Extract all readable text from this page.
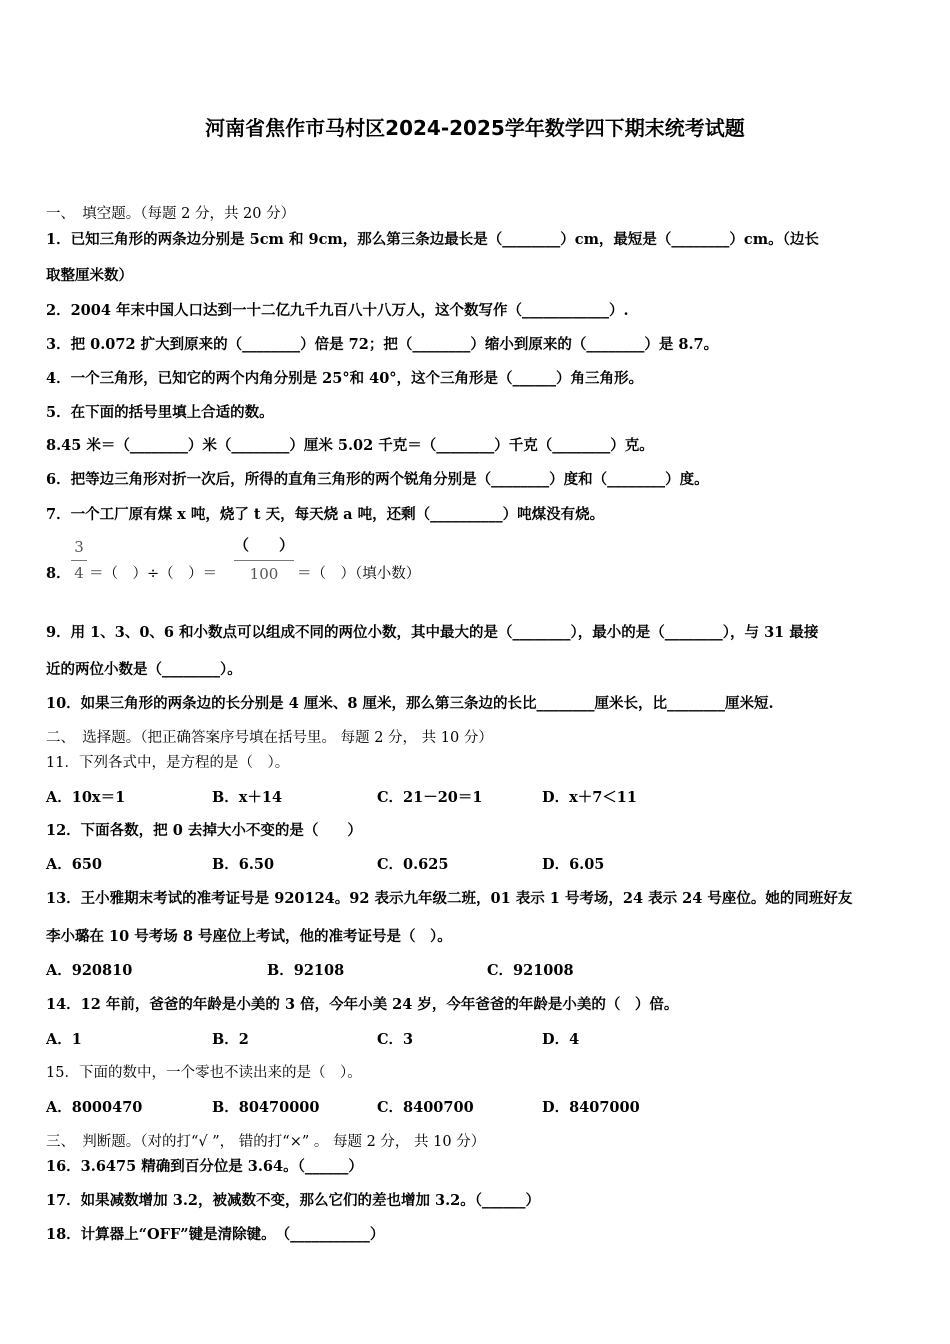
河南省焦作市马村区2024-2025学年数学四下期末统考试题
一、　填空题。（每题 2 分，共 20 分）
1．已知三角形的两条边分别是 5cm 和 9cm，那么第三条边最长是（________）cm，最短是（________）cm。（边长
取整厘米数）
2．2004 年末中国人口达到一十二亿九千九百八十八万人，这个数写作（____________）.
3．把 0.072 扩大到原来的（________）倍是 72；把（________）缩小到原来的（________）是 8.7。
4．一个三角形，已知它的两个内角分别是 25°和 40°，这个三角形是（______）角三角形。
5．在下面的括号里填上合适的数。
8.45 米＝（________）米（________）厘米 5.02 千克＝（________）千克（________）克。
6．把等边三角形对折一次后，所得的直角三角形的两个锐角分别是（________）度和（________）度。
7．一个工厂原有煤 x 吨，烧了 t 天，每天烧 a 吨，还剩（__________）吨煤没有烧。
8．
3
4 ＝（　）÷（　）＝
（　　）
100	＝（　）（填小数）
9．用 1、3、0、6 和小数点可以组成不同的两位小数，其中最大的是（________），最小的是（________），与 31 最接
近的两位小数是（________）。
10．如果三角形的两条边的长分别是 4 厘米、8 厘米，那么第三条边的长比________厘米长，比________厘米短.
二、　选择题。（把正确答案序号填在括号里。 每题 2 分， 共 10 分）
11．下列各式中，是方程的是（　）。
A．10x＝1	B．x＋14	C．21－20＝1	D．x＋7＜11
12．下面各数，把 0 去掉大小不变的是（　　）
A．650	B．6.50	C．0.625	D．6.05
13．王小雅期末考试的准考证号是 920124。92 表示九年级二班，01 表示 1 号考场，24 表示 24 号座位。她的同班好友
李小璐在 10 号考场 8 号座位上考试，他的准考证号是（　）。
A．920810	B．92108	C．921008
14．12 年前，爸爸的年龄是小美的 3 倍，今年小美 24 岁，今年爸爸的年龄是小美的（　）倍。
A．1	B．2	C．3	D．4
15．下面的数中，一个零也不读出来的是（　）。
A．8000470	B．80470000	C．8400700	D．8407000
三、　判断题。（对的打“√ ”， 错的打“×” 。 每题 2 分， 共 10 分）
16．3.6475 精确到百分位是 3.64。（______）
17．如果减数增加 3.2，被减数不变，那么它们的差也增加 3.2。（______）
18．计算器上“OFF”键是清除键。　（___________）
